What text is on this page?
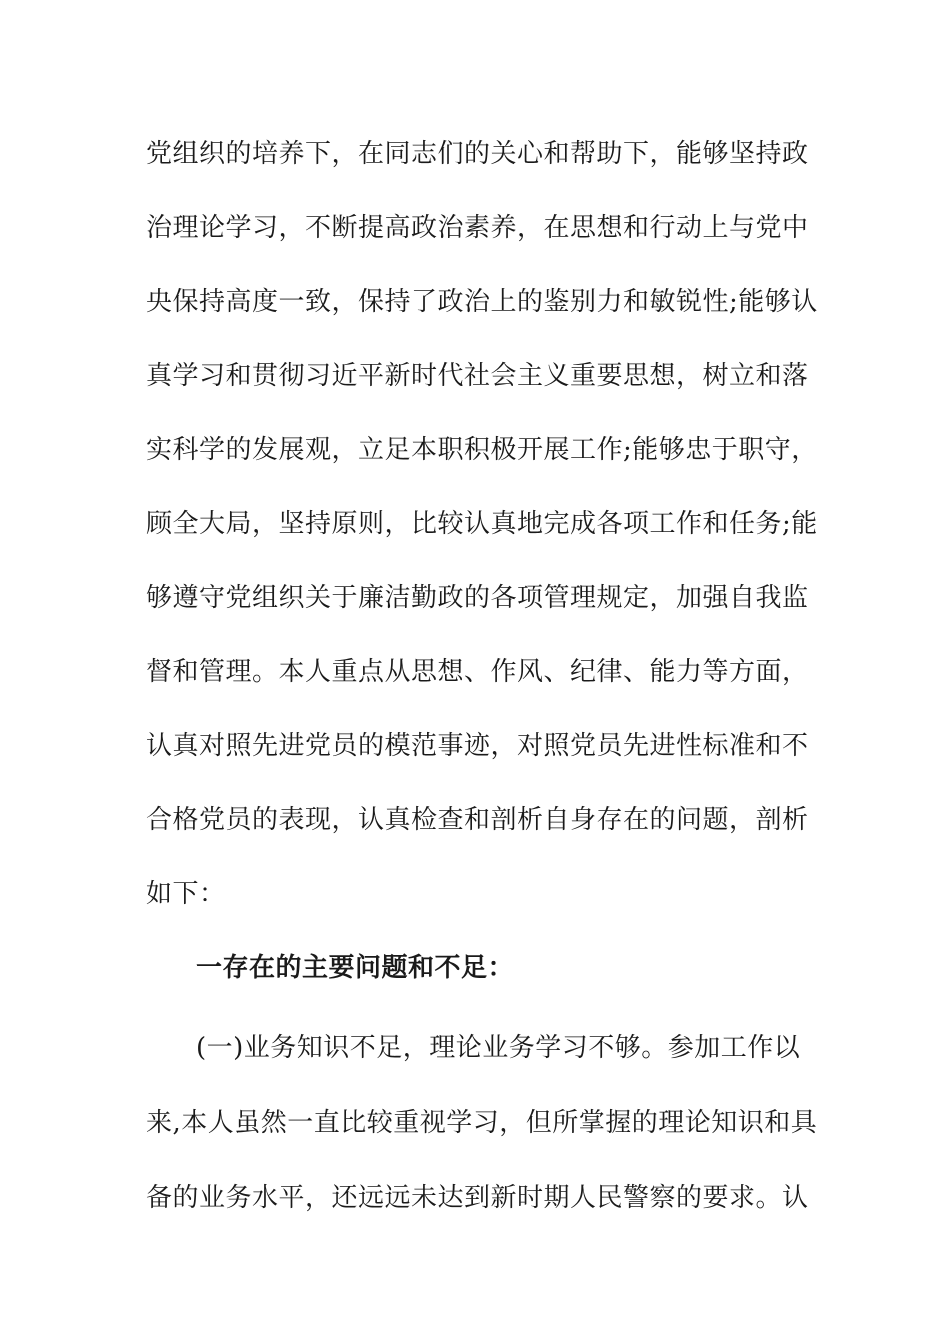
党组织的培养下，在同志们的关心和帮助下，能够坚持政
治理论学习，不断提高政治素养，在思想和行动上与党中
央保持高度一致，保持了政治上的鉴别力和敏锐性;能够认
真学习和贯彻习近平新时代社会主义重要思想，树立和落
实科学的发展观，立足本职积极开展工作;能够忠于职守，
顾全大局，坚持原则，比较认真地完成各项工作和任务;能
够遵守党组织关于廉洁勤政的各项管理规定，加强自我监
督和管理。本人重点从思想、作风、纪律、能力等方面，
认真对照先进党员的模范事迹，对照党员先进性标准和不
合格党员的表现，认真检查和剖析自身存在的问题，剖析
如下：
一存在的主要问题和不足：
(一)业务知识不足，理论业务学习不够。参加工作以
来,本人虽然一直比较重视学习，但所掌握的理论知识和具
备的业务水平，还远远未达到新时期人民警察的要求。认
